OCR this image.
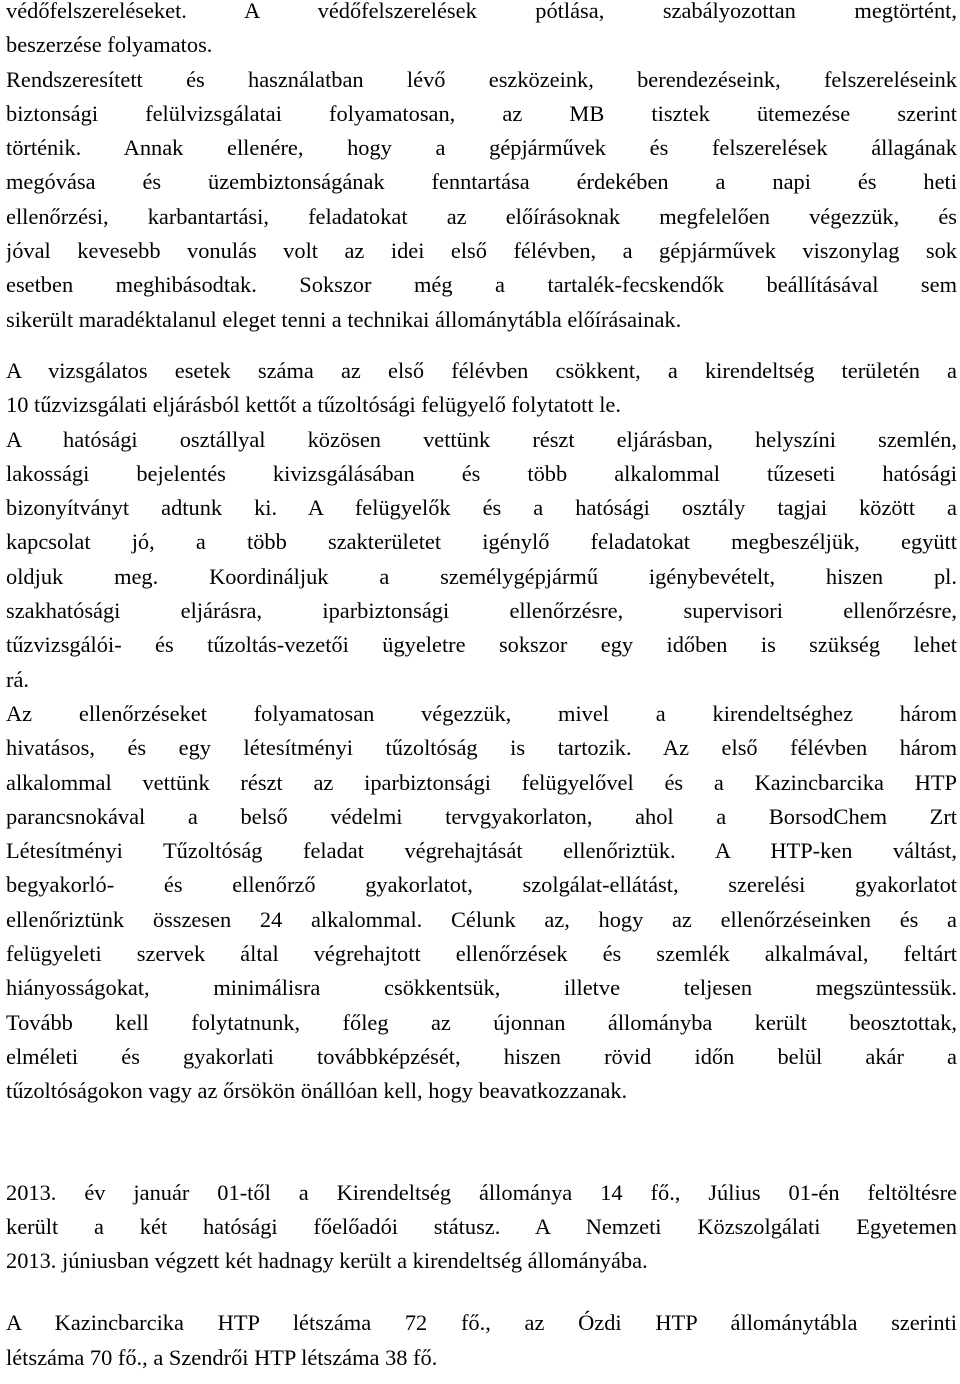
védőfelszereléseket. A védőfelszerelések pótlása, szabályozottan megtörtént,
beszerzése folyamatos.
Rendszeresített és használatban lévő eszközeink, berendezéseink, felszereléseink
biztonsági felülvizsgálatai folyamatosan, az MB tisztek ütemezése szerint
történik. Annak ellenére, hogy a gépjárművek és felszerelések állagának
megóvása és üzembiztonságának fenntartása érdekében a napi és heti
ellenőrzési, karbantartási, feladatokat az előírásoknak megfelelően végezzük, és
jóval kevesebb vonulás volt az idei első félévben, a gépjárművek viszonylag sok
esetben meghibásodtak. Sokszor még a tartalék-fecskendők beállításával sem
sikerült maradéktalanul eleget tenni a technikai állománytábla előírásainak.
A vizsgálatos esetek száma az első félévben csökkent, a kirendeltség területén a
10 tűzvizsgálati eljárásból kettőt a tűzoltósági felügyelő folytatott le.
A hatósági osztállyal közösen vettünk részt eljárásban, helyszíni szemlén,
lakossági bejelentés kivizsgálásában és több alkalommal tűzeseti hatósági
bizonyítványt adtunk ki. A felügyelők és a hatósági osztály tagjai között a
kapcsolat jó, a több szakterületet igénylő feladatokat megbeszéljük, együtt
oldjuk meg. Koordináljuk a személygépjármű igénybevételt, hiszen pl.
szakhatósági eljárásra, iparbiztonsági ellenőrzésre, supervisori ellenőrzésre,
tűzvizsgálói- és tűzoltás-vezetői ügyeletre sokszor egy időben is szükség lehet
rá.
Az ellenőrzéseket folyamatosan végezzük, mivel a kirendeltséghez három
hivatásos, és egy létesítményi tűzoltóság is tartozik. Az első félévben három
alkalommal vettünk részt az iparbiztonsági felügyelővel és a Kazincbarcika HTP
parancsnokával a belső védelmi tervgyakorlaton, ahol a BorsodChem Zrt
Létesítményi Tűzoltóság feladat végrehajtását ellenőriztük. A HTP-ken váltást,
begyakorló- és ellenőrző gyakorlatot, szolgálat-ellátást, szerelési gyakorlatot
ellenőriztünk összesen 24 alkalommal. Célunk az, hogy az ellenőrzéseinken és a
felügyeleti szervek által végrehajtott ellenőrzések és szemlék alkalmával, feltárt
hiányosságokat, minimálisra csökkentsük, illetve teljesen megszüntessük.
Tovább kell folytatnunk, főleg az újonnan állományba került beosztottak,
elméleti és gyakorlati továbbképzését, hiszen rövid időn belül akár a
tűzoltóságokon vagy az őrsökön önállóan kell, hogy beavatkozzanak.
2013. év január 01-től a Kirendeltség állománya 14 fő., Július 01-én feltöltésre
került a két hatósági főelőadói státusz. A Nemzeti Közszolgálati Egyetemen
2013. júniusban végzett két hadnagy került a kirendeltség állományába.
A Kazincbarcika HTP létszáma 72 fő., az Ózdi HTP állománytábla szerinti
létszáma 70 fő., a Szendrői HTP létszáma 38 fő.
